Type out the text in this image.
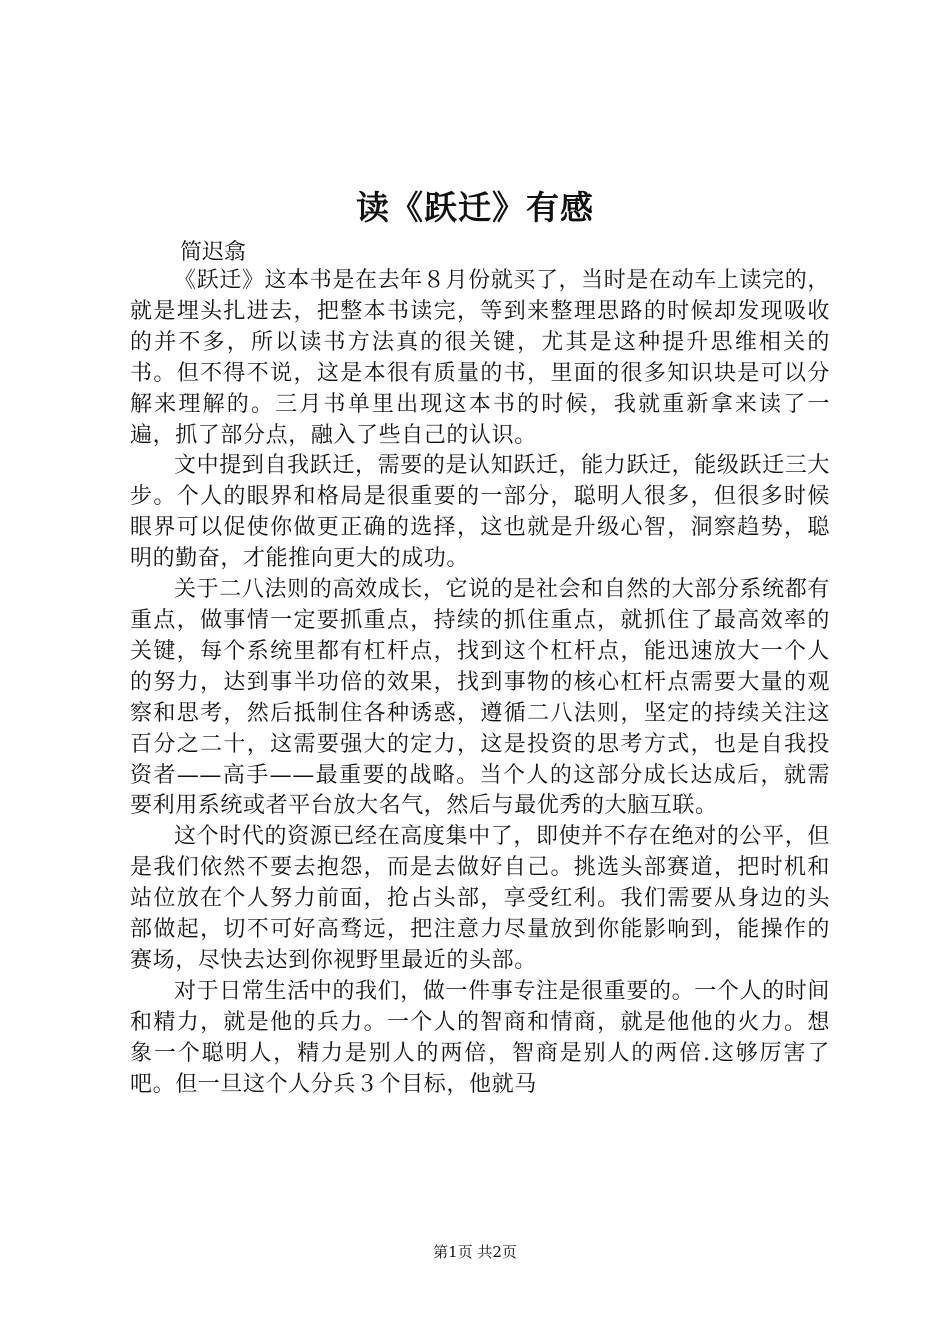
读《跃迁》有感
简迟翕

《跃迁》这本书是在去年８月份就买了，当时是在动车上读完的，就是埋头扎进去，把整本书读完，等到来整理思路的时候却发现吸收的并不多，所以读书方法真的很关键，尤其是这种提升思维相关的书。但不得不说，这是本很有质量的书，里面的很多知识块是可以分解来理解的。三月书单里出现这本书的时候，我就重新拿来读了一遍，抓了部分点，融入了些自己的认识。

文中提到自我跃迁，需要的是认知跃迁，能力跃迁，能级跃迁三大步。个人的眼界和格局是很重要的一部分，聪明人很多，但很多时候眼界可以促使你做更正确的选择，这也就是升级心智，洞察趋势，聪明的勤奋，才能推向更大的成功。

关于二八法则的高效成长，它说的是社会和自然的大部分系统都有重点，做事情一定要抓重点，持续的抓住重点，就抓住了最高效率的关键，每个系统里都有杠杆点，找到这个杠杆点，能迅速放大一个人的努力，达到事半功倍的效果，找到事物的核心杠杆点需要大量的观察和思考，然后抵制住各种诱惑，遵循二八法则，坚定的持续关注这百分之二十，这需要强大的定力，这是投资的思考方式，也是自我投资者——高手——最重要的战略。当个人的这部分成长达成后，就需要利用系统或者平台放大名气，然后与最优秀的大脑互联。

这个时代的资源已经在高度集中了，即使并不存在绝对的公平，但是我们依然不要去抱怨，而是去做好自己。挑选头部赛道，把时机和站位放在个人努力前面，抢占头部，享受红利。我们需要从身边的头部做起，切不可好高骛远，把注意力尽量放到你能影响到，能操作的赛场，尽快去达到你视野里最近的头部。

对于日常生活中的我们，做一件事专注是很重要的。一个人的时间和精力，就是他的兵力。一个人的智商和情商，就是他他的火力。想象一个聪明人，精力是别人的两倍，智商是别人的两倍.这够厉害了吧。但一旦这个人分兵３个目标，他就马

第1页 共2页
